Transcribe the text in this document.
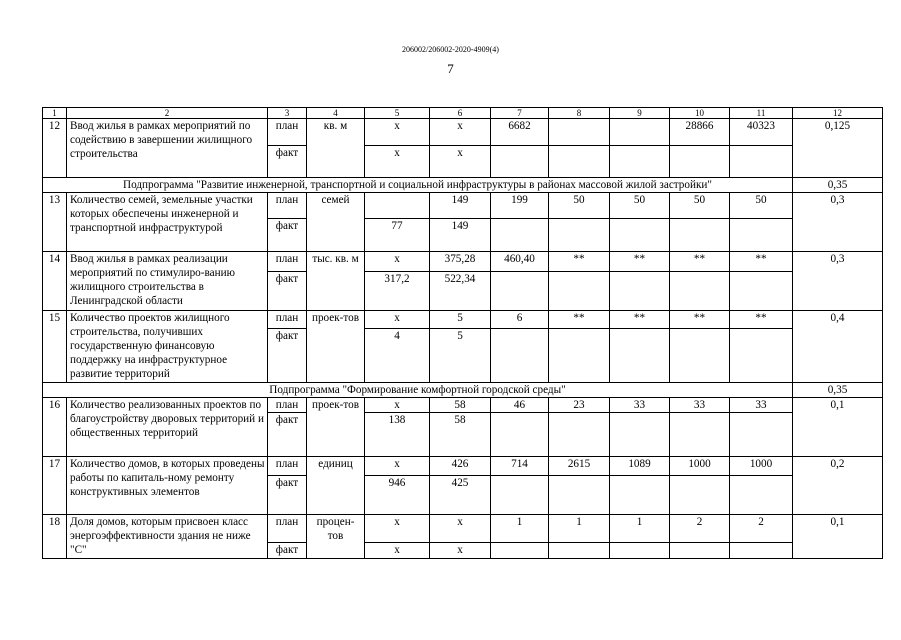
206002/206002-2020-4909(4)
7
1	2	3	4	5	6	7	8	9	10	11	12
12	Ввод жилья в рамках мероприятий по содействию в завершении жилищного строительства	план	кв. м	х	х	6682			28866	40323	0,125
		факт		х	х						
Подпрограмма "Развитие инженерной, транспортной и социальной инфраструктуры в районах массовой жилой застройки"											0,35
13	Количество семей, земельные участки которых обеспечены инженерной и транспортной инфраструктурой	план	семей		149	199	50	50	50	50	0,3
		факт		77	149						
14	Ввод жилья в рамках реализации мероприятий по стимулиро-ванию жилищного строительства в Ленинградской области	план	тыс. кв. м	х	375,28	460,40	**	**	**	**	0,3
		факт		317,2	522,34						
15	Количество проектов жилищного строительства, получивших государственную финансовую поддержку на инфраструктурное развитие территорий	план	проек-тов	х	5	6	**	**	**	**	0,4
		факт		4	5						
Подпрограмма "Формирование комфортной городской среды"											0,35
16	Количество реализованных проектов по благоустройству дворовых территорий и общественных территорий	план	проек-тов	х	58	46	23	33	33	33	0,1
		факт		138	58						
17	Количество домов, в которых проведены работы по капиталь-ному ремонту конструктивных элементов	план	единиц	х	426	714	2615	1089	1000	1000	0,2
		факт		946	425						
18	Доля домов, которым присвоен класс энергоэффективности здания не ниже "С"	план	процен-тов	х	х	1	1	1	2	2	0,1
		факт		х	х						
